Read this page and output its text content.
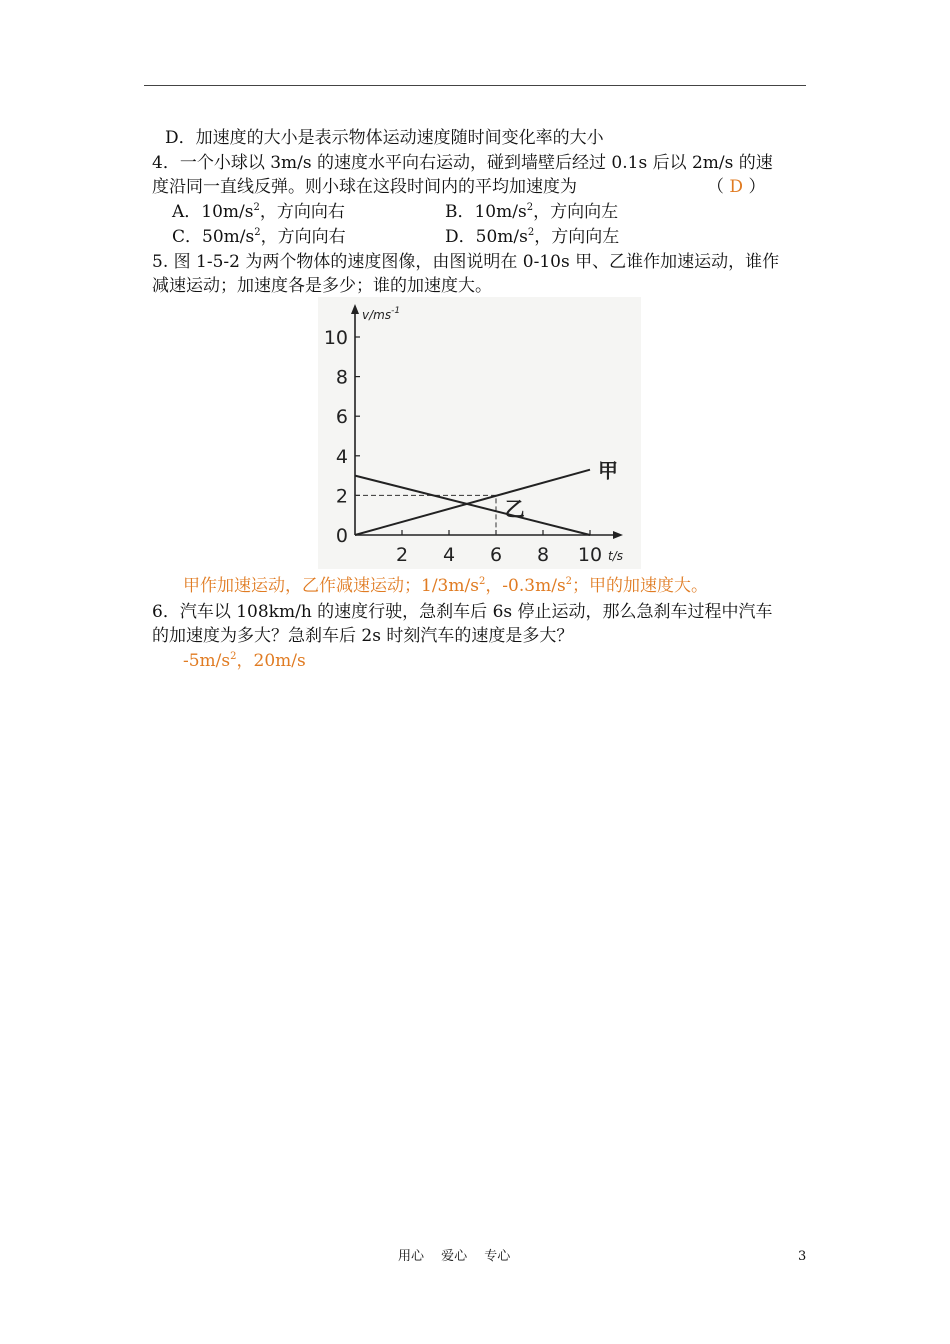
D．加速度的大小是表示物体运动速度随时间变化率的大小
4．一个小球以 3m/s 的速度水平向右运动，碰到墙壁后经过 0.1s 后以 2m/s 的速
度沿同一直线反弹。则小球在这段时间内的平均加速度为	（ D ）
A．$10m/s^2$，方向向右	B．$10m/s^2$，方向向左
C．$50m/s^2$，方向向右	D．$50m/s^2$，方向向左
5. 图 1-5-2 为两个物体的速度图像，由图说明在 0-10s 甲、乙谁作加速运动，谁作
减速运动；加速度各是多少；谁的加速度大。
$v/ms^{-1}$
t/s
0
2
4
6
8
10
2 4 6 8 10
甲
乙
甲作加速运动，乙作减速运动；$1/3m/s^2$，$-0.3m/s^2$；甲的加速度大。
6．汽车以 108km/h 的速度行驶，急刹车后 6s 停止运动，那么急刹车过程中汽车
的加速度为多大？急刹车后 2s 时刻汽车的速度是多大？
$-5m/s^2$，20m/s
用心　 爱心　 专心	3
